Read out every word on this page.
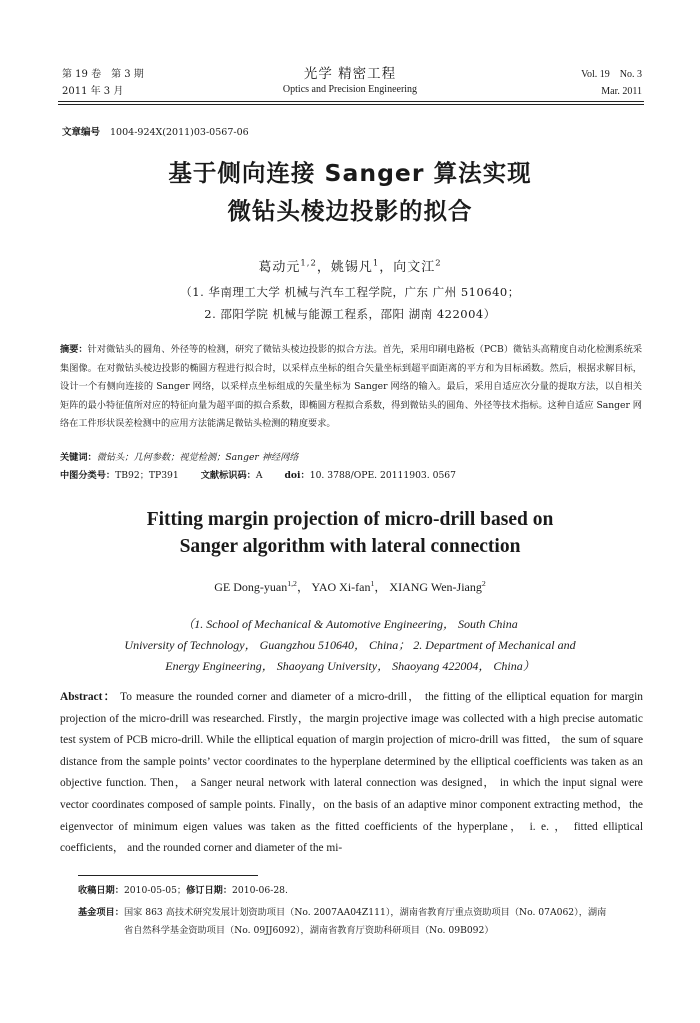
第 19 卷　第 3 期
2011 年 3 月
光学 精密工程
Optics and Precision Engineering
Vol. 19　No. 3
Mar. 2011
文章编号 1004-924X(2011)03-0567-06
基于侧向连接 Sanger 算法实现
微钻头棱边投影的拟合
葛动元$^{1,2}$，姚锡凡$^1$，向文江$^2$
（1. 华南理工大学 机械与汽车工程学院，广东 广州 510640；
2. 邵阳学院 机械与能源工程系，邵阳 湖南 422004）
摘要：针对微钻头的圆角、外径等的检测，研究了微钻头棱边投影的拟合方法。首先，采用印刷电路板（PCB）微钻头高精度自动化检测系统采集图像。在对微钻头棱边投影的椭圆方程进行拟合时，以采样点坐标的组合矢量坐标到超平面距离的平方和为目标函数。然后，根据求解目标，设计一个有侧向连接的 Sanger 网络，以采样点坐标组成的矢量坐标为 Sanger 网络的输入。最后，采用自适应次分量的提取方法，以自相关矩阵的最小特征值所对应的特征向量为超平面的拟合系数，即椭圆方程拟合系数，得到微钻头的圆角、外径等技术指标。这种自适应 Sanger 网络在工件形状误差检测中的应用方法能满足微钻头检测的精度要求。
关键词：微钻头；几何参数；视觉检测；Sanger 神经网络
中图分类号：TB92；TP391 文献标识码：A doi：10. 3788/OPE. 20111903. 0567
Fitting margin projection of micro-drill based on
Sanger algorithm with lateral connection
GE Dong-yuan$^{1,2}$， YAO Xi-fan$^1$， XIANG Wen-Jiang$^2$
（1. School of Mechanical & Automotive Engineering， South China
University of Technology， Guangzhou 510640， China； 2. Department of Mechanical and
Energy Engineering， Shaoyang University， Shaoyang 422004， China）
Abstract： To measure the rounded corner and diameter of a micro-drill， the fitting of the elliptical equation for margin projection of the micro-drill was researched. Firstly，the margin projective image was collected with a high precise automatic test system of PCB micro-drill. While the elliptical equation of margin projection of micro-drill was fitted， the sum of square distance from the sample points’ vector coordinates to the hyperplane determined by the elliptical coefficients was taken as an objective function. Then， a Sanger neural network with lateral connection was designed， in which the input signal were vector coordinates composed of sample points. Finally，on the basis of an adaptive minor component extracting method，the eigenvector of minimum eigen values was taken as the fitted coefficients of the hyperplane， i. e. ， fitted elliptical coefficients， and the rounded corner and diameter of the mi-
收稿日期：2010-05-05；修订日期：2010-06-28.
基金项目：国家 863 高技术研究发展计划资助项目（No. 2007AA04Z111），湖南省教育厅重点资助项目（No. 07A062），湖南
省自然科学基金资助项目（No. 09JJ6092），湖南省教育厅资助科研项目（No. 09B092）
